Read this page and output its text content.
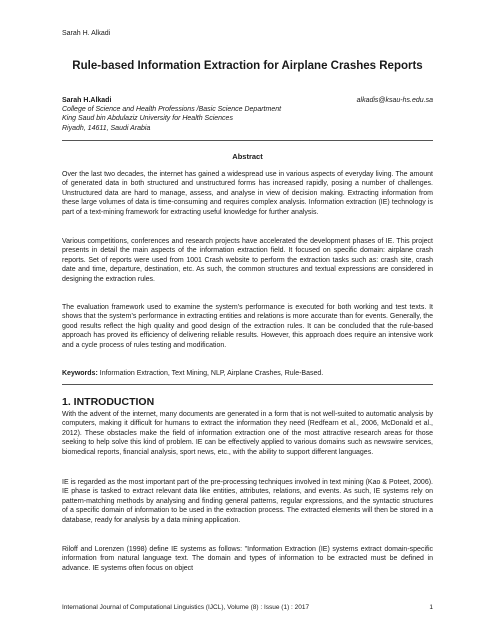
Sarah H. Alkadi
Rule-based Information Extraction for Airplane Crashes Reports
Sarah H.Alkadi	alkadis@ksau-hs.edu.sa
College of Science and Health Professions /Basic Science Department
King Saud bin Abdulaziz University for Health Sciences
Riyadh, 14611, Saudi Arabia
Abstract

Over the last two decades, the internet has gained a widespread use in various aspects of everyday living. The amount of generated data in both structured and unstructured forms has increased rapidly, posing a number of challenges. Unstructured data are hard to manage, assess, and analyse in view of decision making. Extracting information from these large volumes of data is time-consuming and requires complex analysis. Information extraction (IE) technology is part of a text-mining framework for extracting useful knowledge for further analysis.

Various competitions, conferences and research projects have accelerated the development phases of IE. This project presents in detail the main aspects of the information extraction field. It focused on specific domain: airplane crash reports. Set of reports were used from 1001 Crash website to perform the extraction tasks such as: crash site, crash date and time, departure, destination, etc. As such, the common structures and textual expressions are considered in designing the extraction rules.

The evaluation framework used to examine the system’s performance is executed for both working and test texts. It shows that the system’s performance in extracting entities and relations is more accurate than for events. Generally, the good results reflect the high quality and good design of the extraction rules. It can be concluded that the rule-based approach has proved its efficiency of delivering reliable results. However, this approach does require an intensive work and a cycle process of rules testing and modification.

Keywords: Information Extraction, Text Mining, NLP, Airplane Crashes, Rule-Based.

1. INTRODUCTION

With the advent of the internet, many documents are generated in a form that is not well-suited to automatic analysis by computers, making it difficult for humans to extract the information they need (Redfearn et al., 2006, McDonald et al., 2012). These obstacles make the field of information extraction one of the most attractive research areas for those seeking to help solve this kind of problem. IE can be effectively applied to various domains such as newswire services, biomedical reports, financial analysis, sport news, etc., with the ability to support different languages.

IE is regarded as the most important part of the pre-processing techniques involved in text mining (Kao & Poteet, 2006). IE phase is tasked to extract relevant data like entities, attributes, relations, and events. As such, IE systems rely on pattern-matching methods by analysing and finding general patterns, regular expressions, and the syntactic structures of a specific domain of information to be used in the extraction process. The extracted elements will then be stored in a database, ready for analysis by a data mining application.

Riloff and Lorenzen (1998) define IE systems as follows: "Information Extraction (IE) systems extract domain-specific information from natural language text. The domain and types of information to be extracted must be defined in advance. IE systems often focus on object

International Journal of Computational Linguistics (IJCL), Volume (8) : Issue (1) : 2017	1
